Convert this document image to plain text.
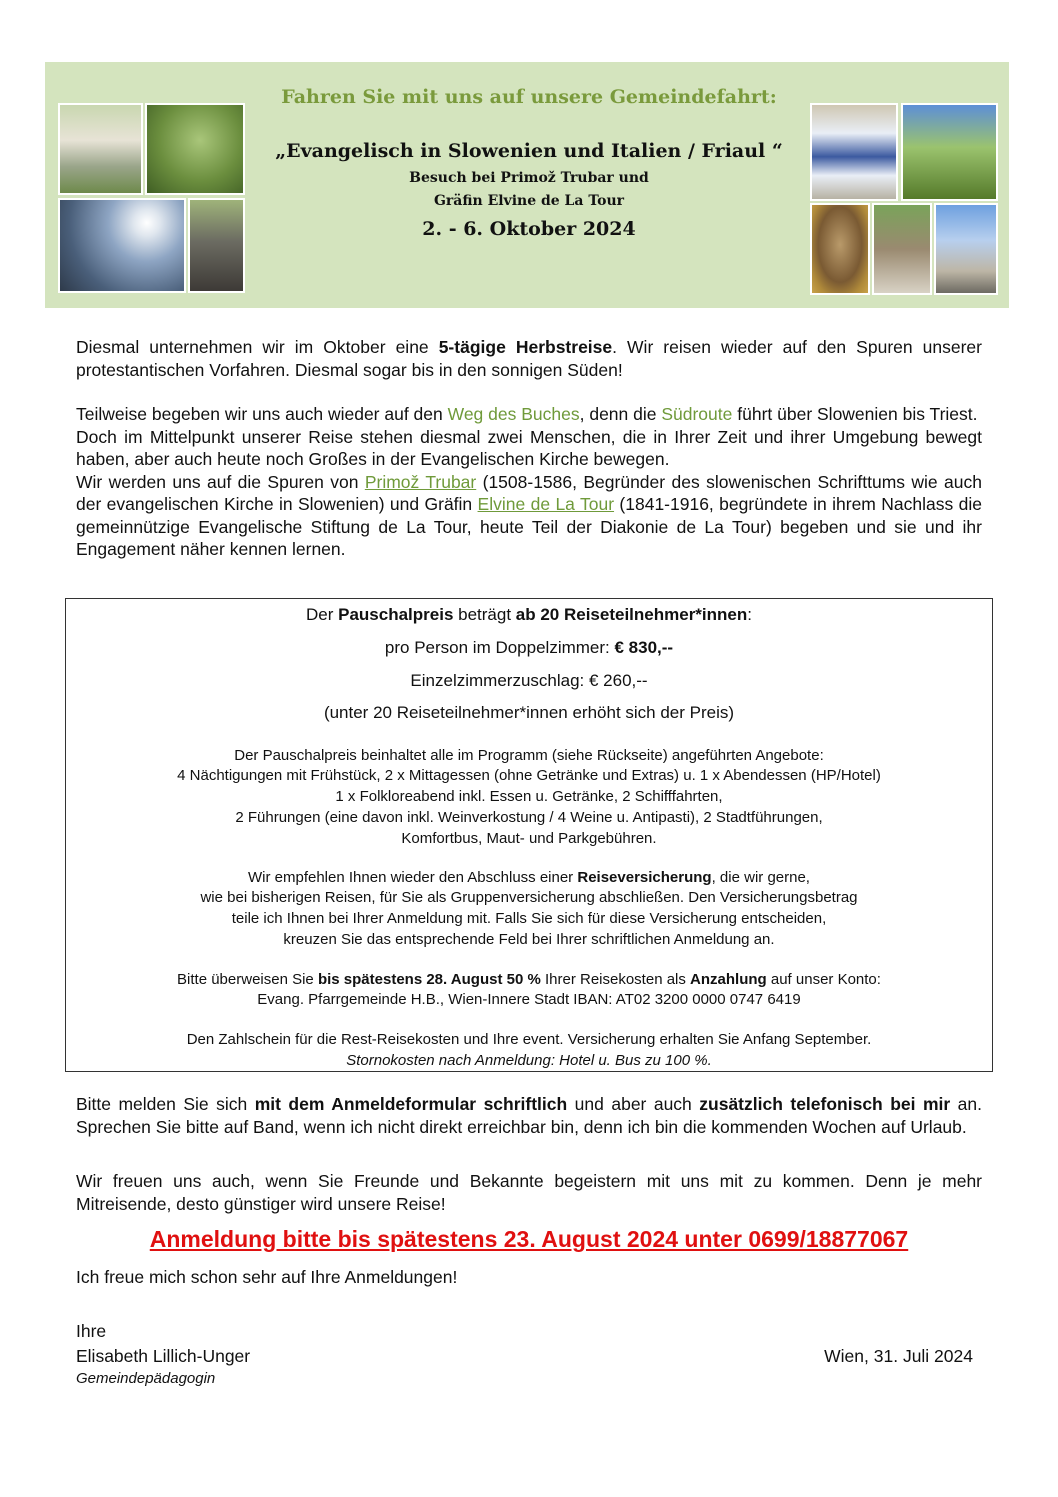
Fahren Sie mit uns auf unsere Gemeindefahrt:
„Evangelisch in Slowenien und Italien / Friaul “
Besuch bei Primož Trubar und
Gräfin Elvine de La Tour
2. - 6. Oktober 2024

Diesmal unternehmen wir im Oktober eine 5-tägige Herbstreise. Wir reisen wieder auf den Spuren unserer protestantischen Vorfahren. Diesmal sogar bis in den sonnigen Süden!

Teilweise begeben wir uns auch wieder auf den Weg des Buches, denn die Südroute führt über Slowenien bis Triest.

Doch im Mittelpunkt unserer Reise stehen diesmal zwei Menschen, die in Ihrer Zeit und ihrer Umgebung bewegt haben, aber auch heute noch Großes in der Evangelischen Kirche bewegen.

Wir werden uns auf die Spuren von Primož Trubar (1508-1586, Begründer des slowenischen Schrifttums wie auch der evangelischen Kirche in Slowenien) und Gräfin Elvine de La Tour (1841-1916, begründete in ihrem Nachlass die gemeinnützige Evangelische Stiftung de La Tour, heute Teil der Diakonie de La Tour) begeben und sie und ihr Engagement näher kennen lernen.

Der Pauschalpreis beträgt ab 20 Reiseteilnehmer*innen:
pro Person im Doppelzimmer: € 830,--
Einzelzimmerzuschlag: € 260,--
(unter 20 Reiseteilnehmer*innen erhöht sich der Preis)
Der Pauschalpreis beinhaltet alle im Programm (siehe Rückseite) angeführten Angebote:
4 Nächtigungen mit Frühstück, 2 x Mittagessen (ohne Getränke und Extras) u. 1 x Abendessen (HP/Hotel)
1 x Folkloreabend inkl. Essen u. Getränke, 2 Schifffahrten,
2 Führungen (eine davon inkl. Weinverkostung / 4 Weine u. Antipasti), 2 Stadtführungen,
Komfortbus, Maut- und Parkgebühren.
Wir empfehlen Ihnen wieder den Abschluss einer Reiseversicherung, die wir gerne,
wie bei bisherigen Reisen, für Sie als Gruppenversicherung abschließen. Den Versicherungsbetrag
teile ich Ihnen bei Ihrer Anmeldung mit. Falls Sie sich für diese Versicherung entscheiden,
kreuzen Sie das entsprechende Feld bei Ihrer schriftlichen Anmeldung an.
Bitte überweisen Sie bis spätestens 28. August 50 % Ihrer Reisekosten als Anzahlung auf unser Konto:
Evang. Pfarrgemeinde H.B., Wien-Innere Stadt IBAN: AT02 3200 0000 0747 6419
Den Zahlschein für die Rest-Reisekosten und Ihre event. Versicherung erhalten Sie Anfang September.
Stornokosten nach Anmeldung: Hotel u. Bus zu 100 %.

Bitte melden Sie sich mit dem Anmeldeformular schriftlich und aber auch zusätzlich telefonisch bei mir an. Sprechen Sie bitte auf Band, wenn ich nicht direkt erreichbar bin, denn ich bin die kommenden Wochen auf Urlaub.

Wir freuen uns auch, wenn Sie Freunde und Bekannte begeistern mit uns mit zu kommen. Denn je mehr Mitreisende, desto günstiger wird unsere Reise!
Anmeldung bitte bis spätestens 23. August 2024 unter 0699/18877067
Ich freue mich schon sehr auf Ihre Anmeldungen!
Ihre
Elisabeth Lillich-Unger
Gemeindepädagogin
Wien, 31. Juli 2024
